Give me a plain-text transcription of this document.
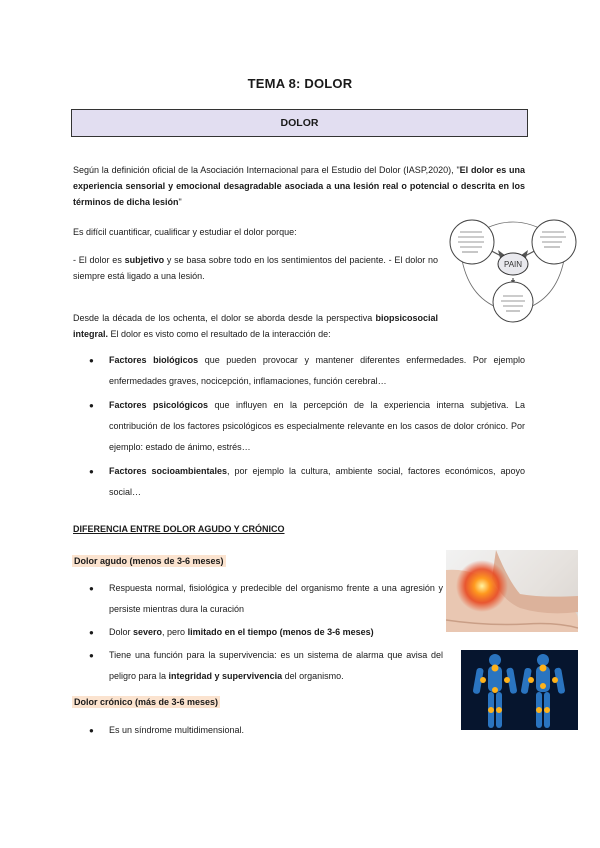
TEMA 8: DOLOR
DOLOR
Según la definición oficial de la Asociación Internacional para el Estudio del Dolor (IASP,2020), "El dolor es una experiencia sensorial y emocional desagradable asociada a una lesión real o potencial o descrita en los términos de dicha lesión"
Es difícil cuantificar, cualificar y estudiar el dolor porque:
- El dolor es subjetivo y se basa sobre todo en los sentimientos del paciente. - El dolor no siempre está ligado a una lesión.
Desde la década de los ochenta, el dolor se aborda desde la perspectiva biopsicosocial integral. El dolor es visto como el resultado de la interacción de:
PAIN
● Factores biológicos que pueden provocar y mantener diferentes enfermedades. Por ejemplo enfermedades graves, nocicepción, inflamaciones, función cerebral…
● Factores psicológicos que influyen en la percepción de la experiencia interna subjetiva. La contribución de los factores psicológicos es especialmente relevante en los casos de dolor crónico. Por ejemplo: estado de ánimo, estrés…
● Factores socioambientales, por ejemplo la cultura, ambiente social, factores económicos, apoyo social…
DIFERENCIA ENTRE DOLOR AGUDO Y CRÓNICO
Dolor agudo (menos de 3-6 meses)
● Respuesta normal, fisiológica y predecible del organismo frente a una agresión y persiste mientras dura la curación
● Dolor severo, pero limitado en el tiempo (menos de 3-6 meses)
● Tiene una función para la supervivencia: es un sistema de alarma que avisa del peligro para la integridad y supervivencia del organismo.
Dolor crónico (más de 3-6 meses)
● Es un síndrome multidimensional.
